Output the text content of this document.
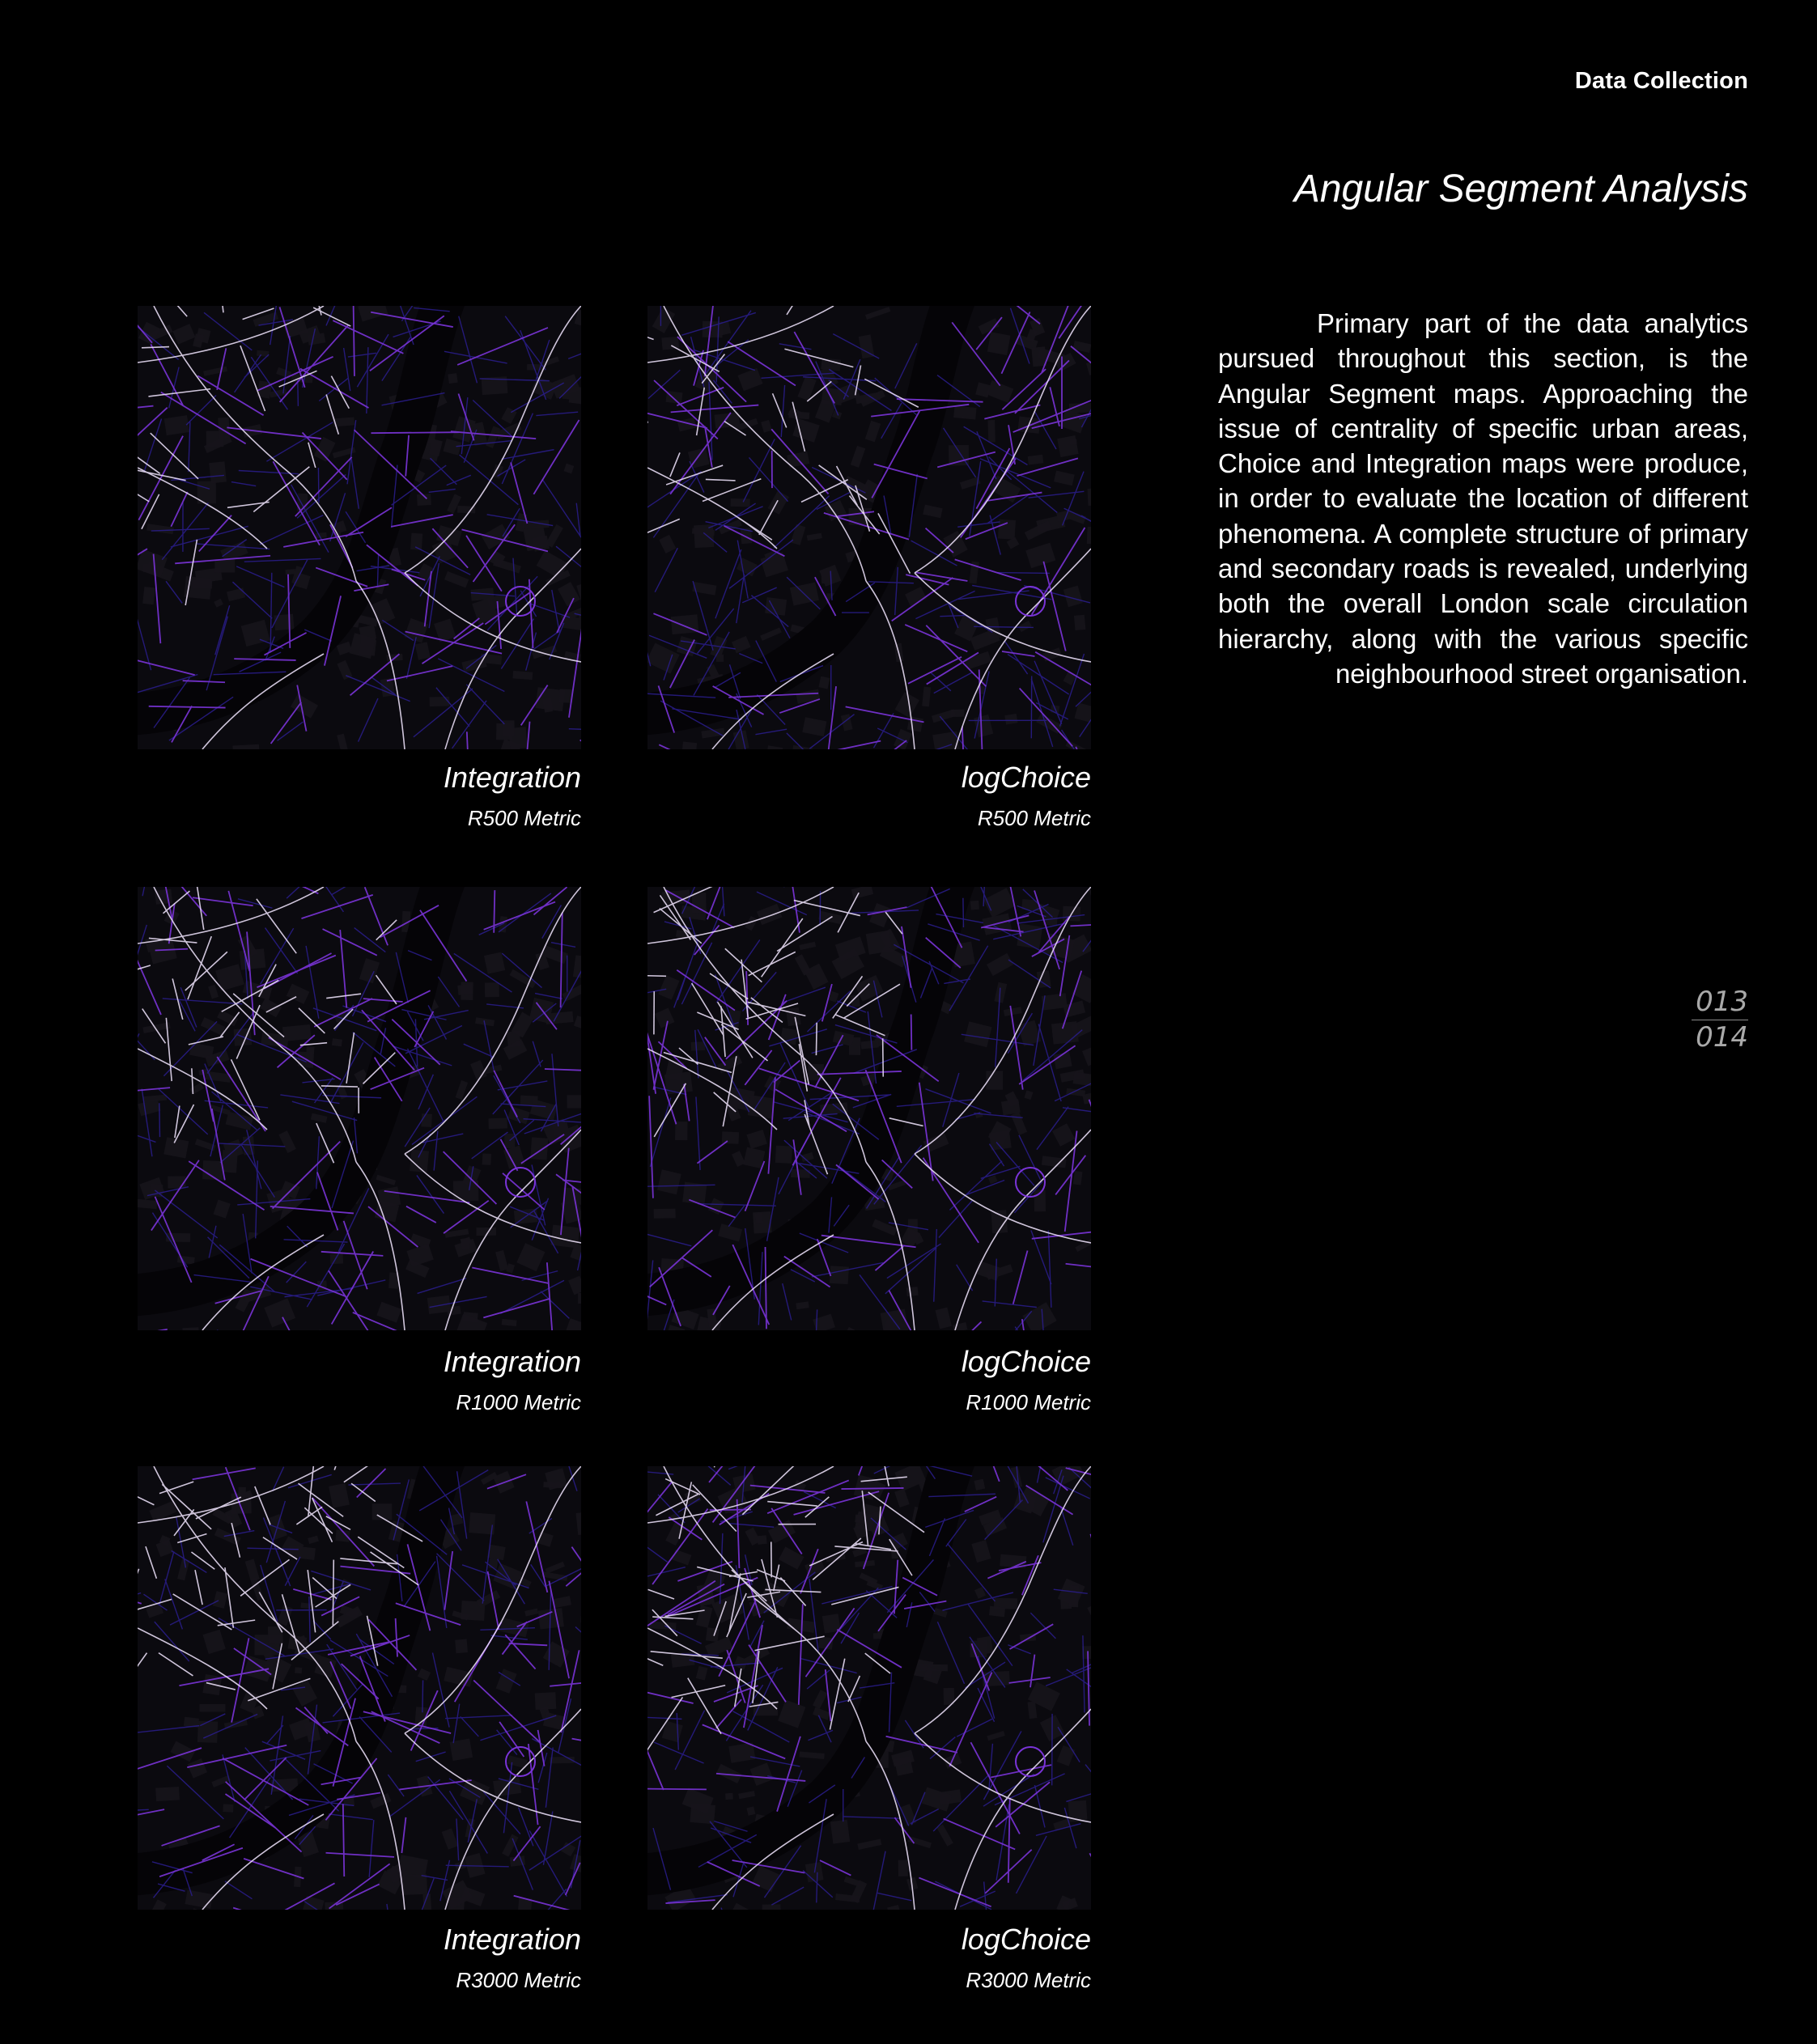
Data Collection
Angular Segment Analysis

Primary part of the data analytics pursued throughout this section, is the Angular Segment maps. Approaching the issue of centrality of specific urban areas, Choice and Integration maps were produce, in order to evaluate the location of different phenomena. A complete structure of primary and secondary roads is revealed, underlying both the overall London scale circulation hierarchy, along with the various specific neighbourhood street organisation.

013
014
Integration
R500 Metric
logChoice
R500 Metric
Integration
R1000 Metric
logChoice
R1000 Metric
Integration
R3000 Metric
logChoice
R3000 Metric
